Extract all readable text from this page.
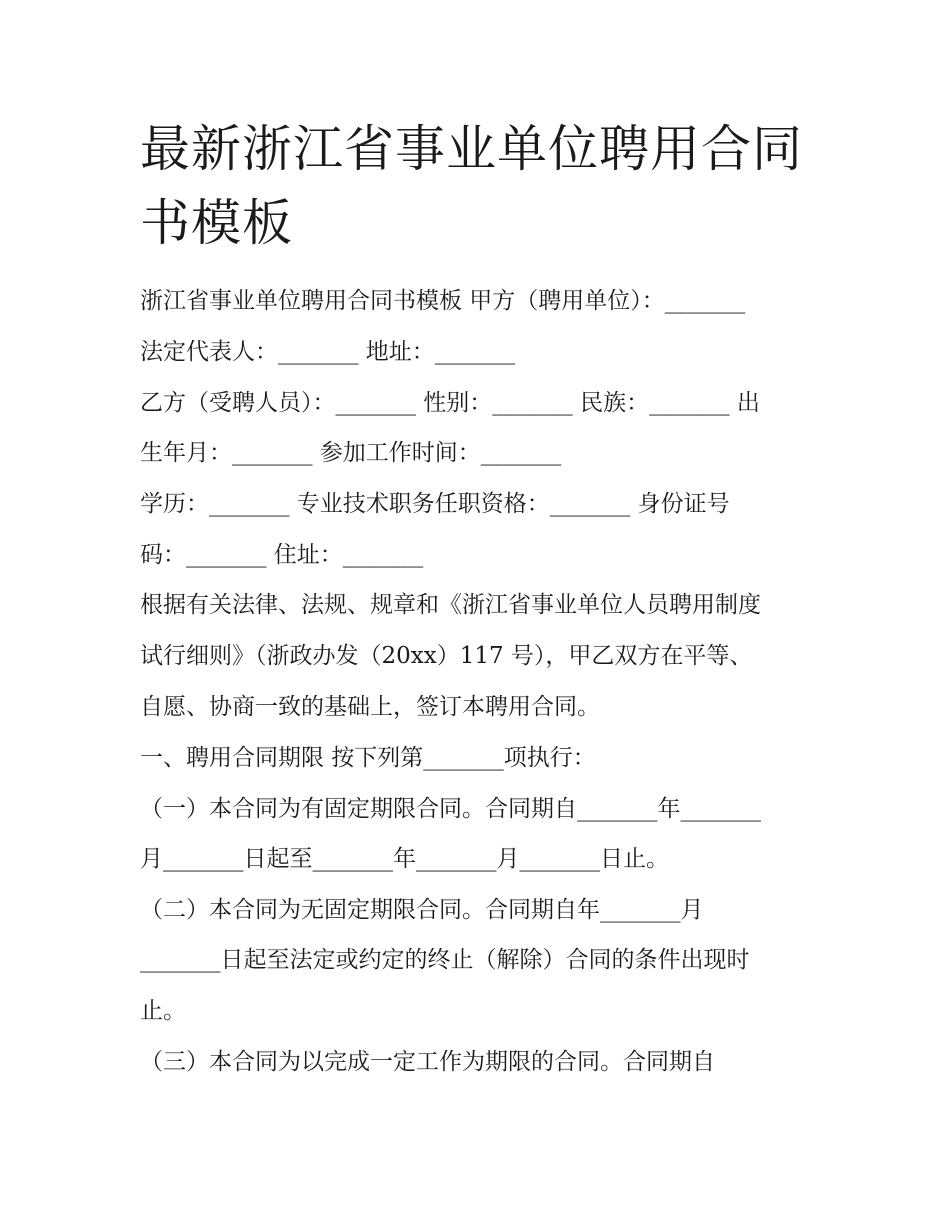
最新浙江省事业单位聘用合同
书模板

浙江省事业单位聘用合同书模板 甲方（聘用单位）：_______

法定代表人：_______ 地址：_______

乙方（受聘人员）：_______ 性别：_______ 民族：_______ 出

生年月：_______ 参加工作时间：_______

学历：_______ 专业技术职务任职资格：_______ 身份证号

码：_______ 住址：_______

根据有关法律、法规、规章和《浙江省事业单位人员聘用制度

试行细则》（浙政办发（20xx）117 号），甲乙双方在平等、

自愿、协商一致的基础上，签订本聘用合同。

一、聘用合同期限 按下列第_______项执行：

（一）本合同为有固定期限合同。合同期自_______年_______

月_______日起至_______年_______月_______日止。

（二）本合同为无固定期限合同。合同期自年_______月

_______日起至法定或约定的终止（解除）合同的条件出现时

止。

（三）本合同为以完成一定工作为期限的合同。合同期自
